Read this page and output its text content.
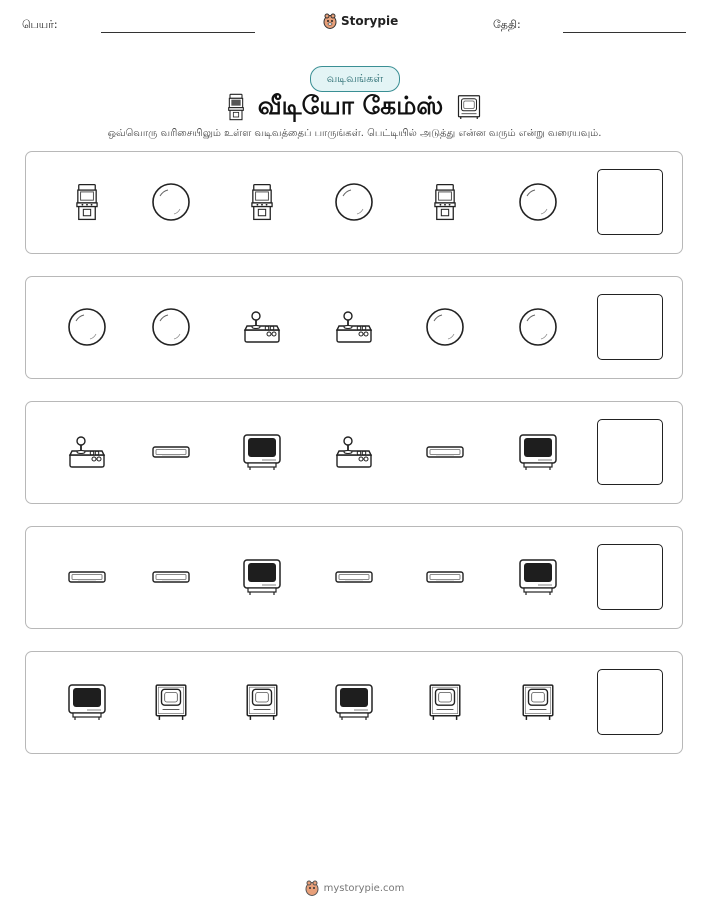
பெயர்:	Storypie	தேதி:
வடிவங்கள்
வீடியோ கேம்ஸ்
ஒவ்வொரு வரிசையிலும் உள்ள வடிவத்தைப் பாருங்கள். பெட்டியில் அடுத்து என்ன வரும் என்று வரையவும்.
mystorypie.com
